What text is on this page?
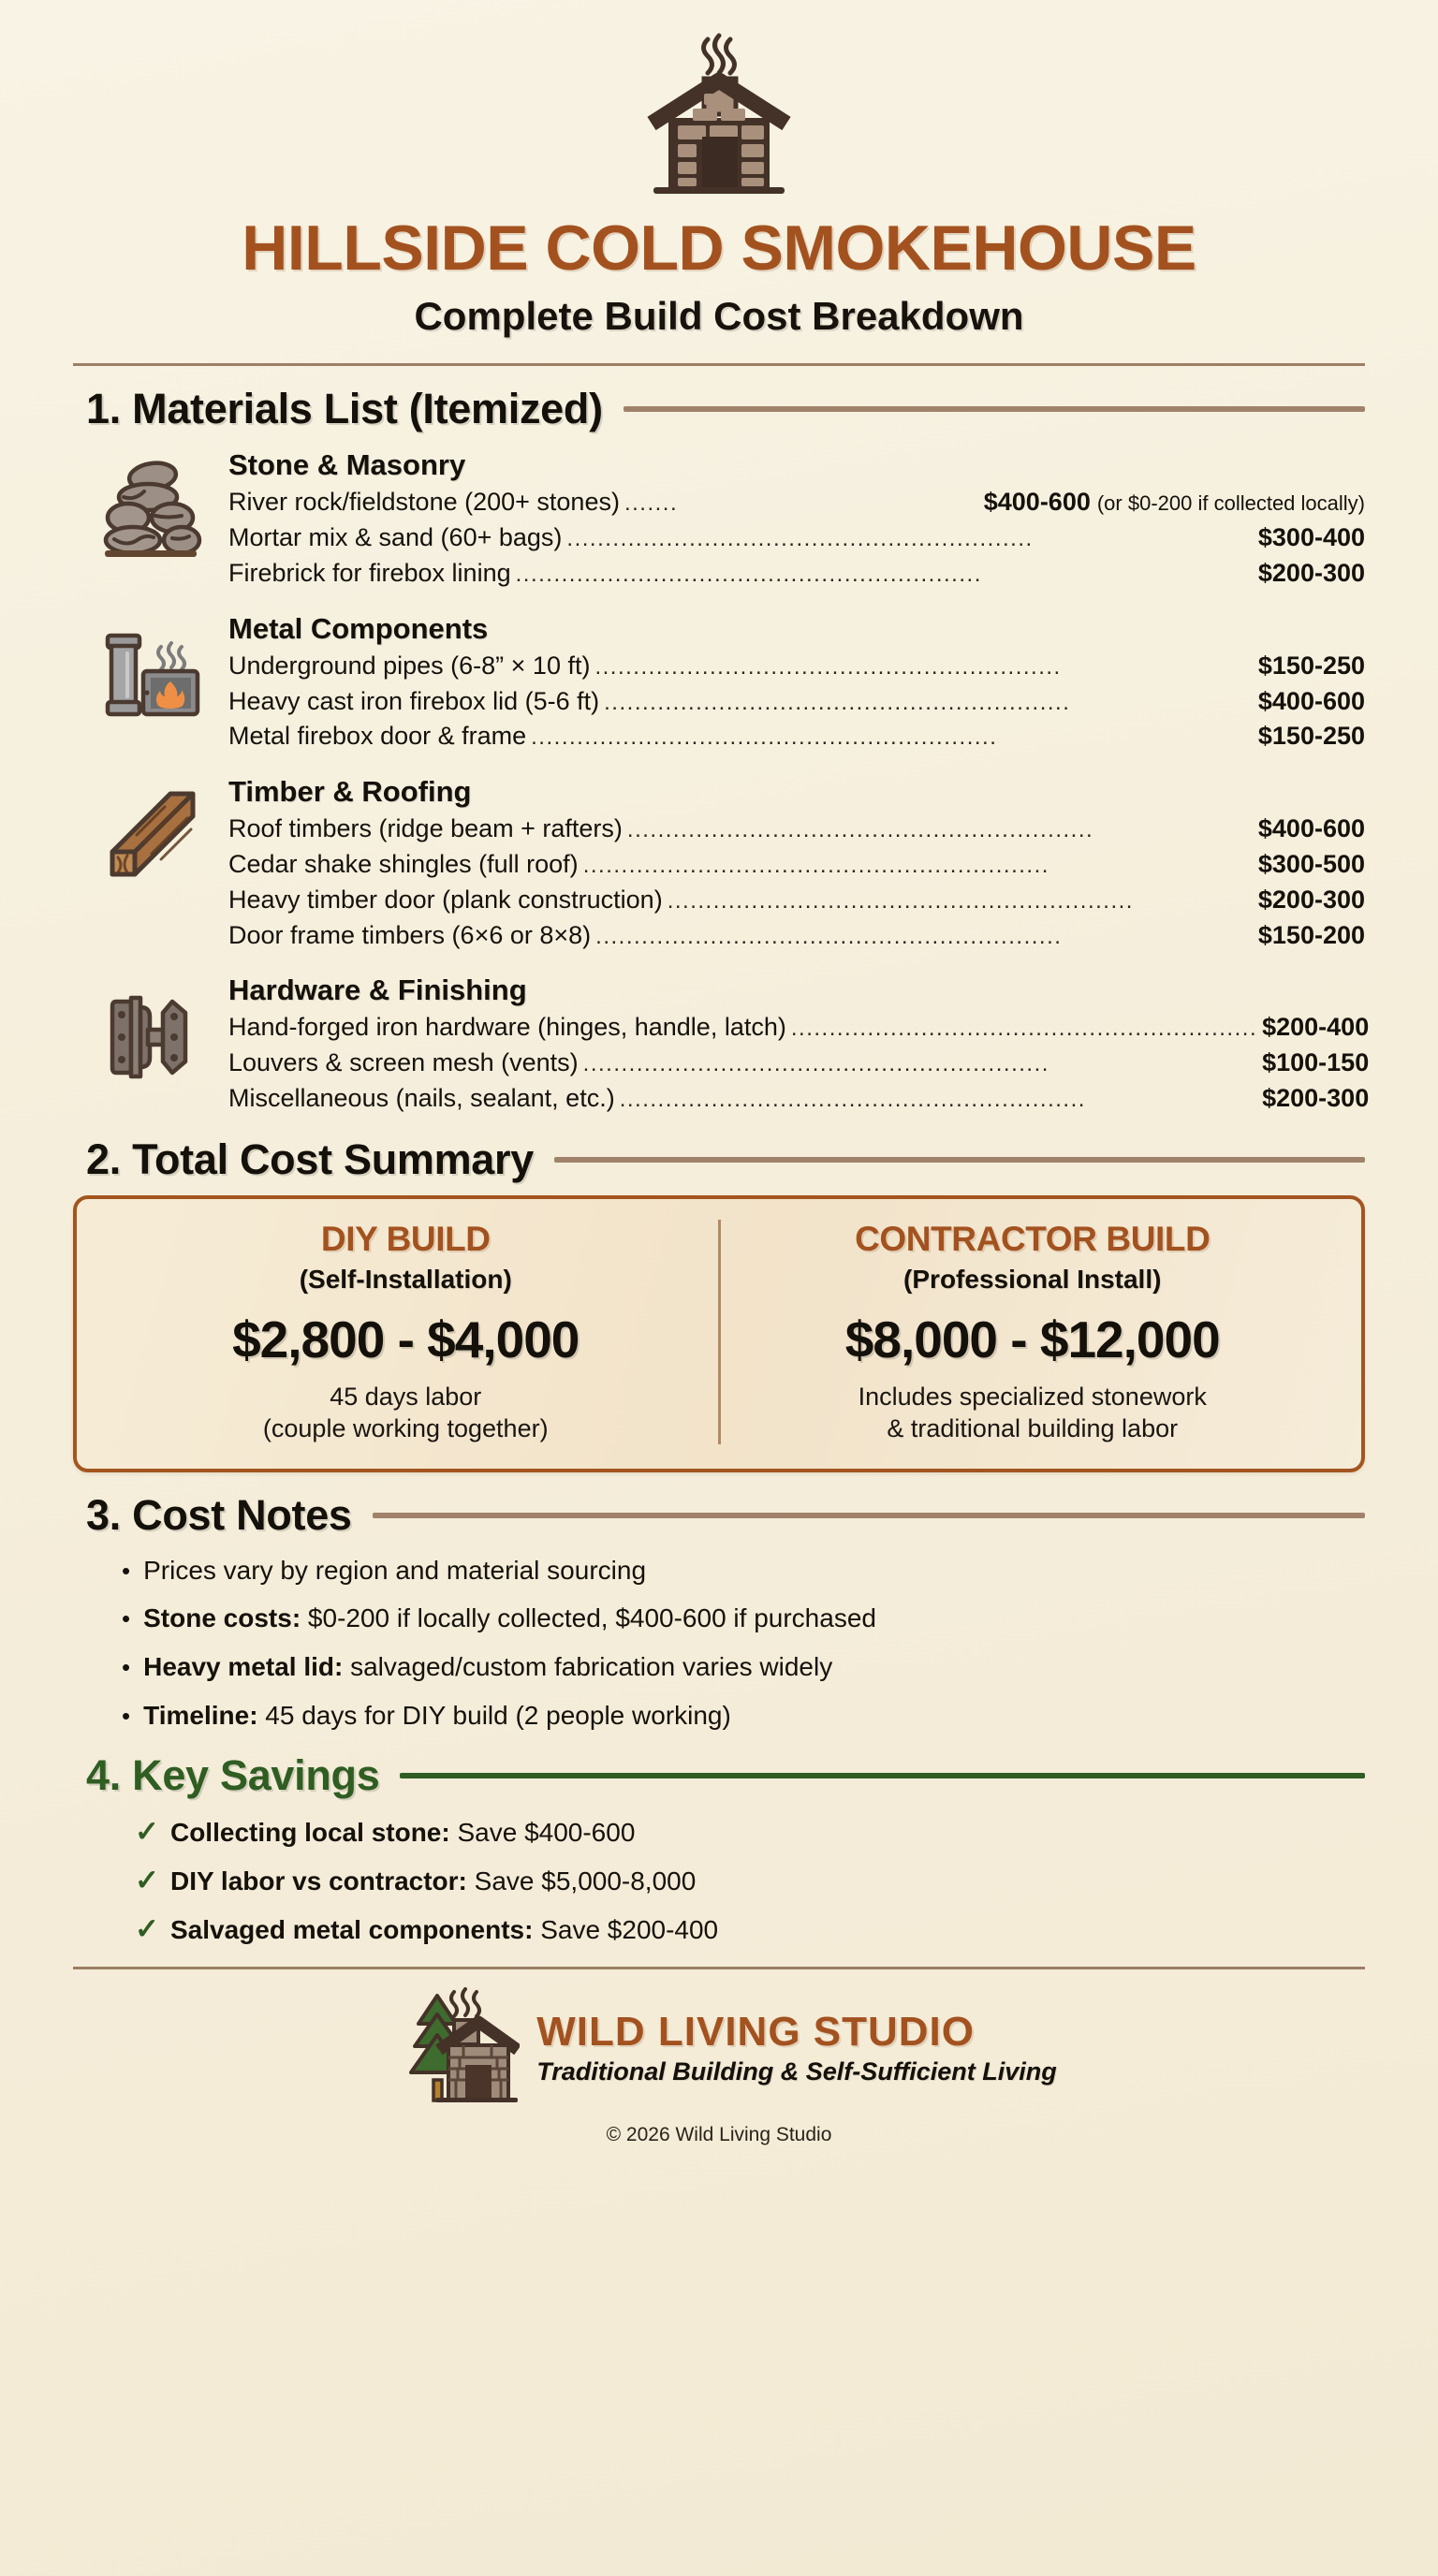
HILLSIDE COLD SMOKEHOUSE
Complete Build Cost Breakdown
1. Materials List (Itemized)
Stone & Masonry
River rock/fieldstone (200+ stones) .......	$400-600 (or $0-200 if collected locally)
Mortar mix & sand (60+ bags) .............................................................	$300-400
Firebrick for firebox lining .............................................................	$200-300
Metal Components
Underground pipes (6-8” × 10 ft) .............................................................	$150-250
Heavy cast iron firebox lid (5-6 ft) .............................................................	$400-600
Metal firebox door & frame .............................................................	$150-250
Timber & Roofing
Roof timbers (ridge beam + rafters) .............................................................	$400-600
Cedar shake shingles (full roof) .............................................................	$300-500
Heavy timber door (plank construction) .............................................................	$200-300
Door frame timbers (6×6 or 8×8) .............................................................	$150-200
Hardware & Finishing
Hand-forged iron hardware (hinges, handle, latch) ............................................................. $200-400
Louvers & screen mesh (vents) .............................................................	$100-150
Miscellaneous (nails, sealant, etc.) .............................................................	$200-300
2. Total Cost Summary
DIY BUILD
(Self-Installation)
$2,800 - $4,000
45 days labor
(couple working together)
CONTRACTOR BUILD
(Professional Install)
$8,000 - $12,000
Includes specialized stonework
& traditional building labor
3. Cost Notes
• Prices vary by region and material sourcing
• Stone costs: $0-200 if locally collected, $400-600 if purchased
• Heavy metal lid: salvaged/custom fabrication varies widely
• Timeline: 45 days for DIY build (2 people working)
4. Key Savings
✓ Collecting local stone: Save $400-600
✓ DIY labor vs contractor: Save $5,000-8,000
✓ Salvaged metal components: Save $200-400
WILD LIVING STUDIO
Traditional Building & Self-Sufficient Living
© 2026 Wild Living Studio
